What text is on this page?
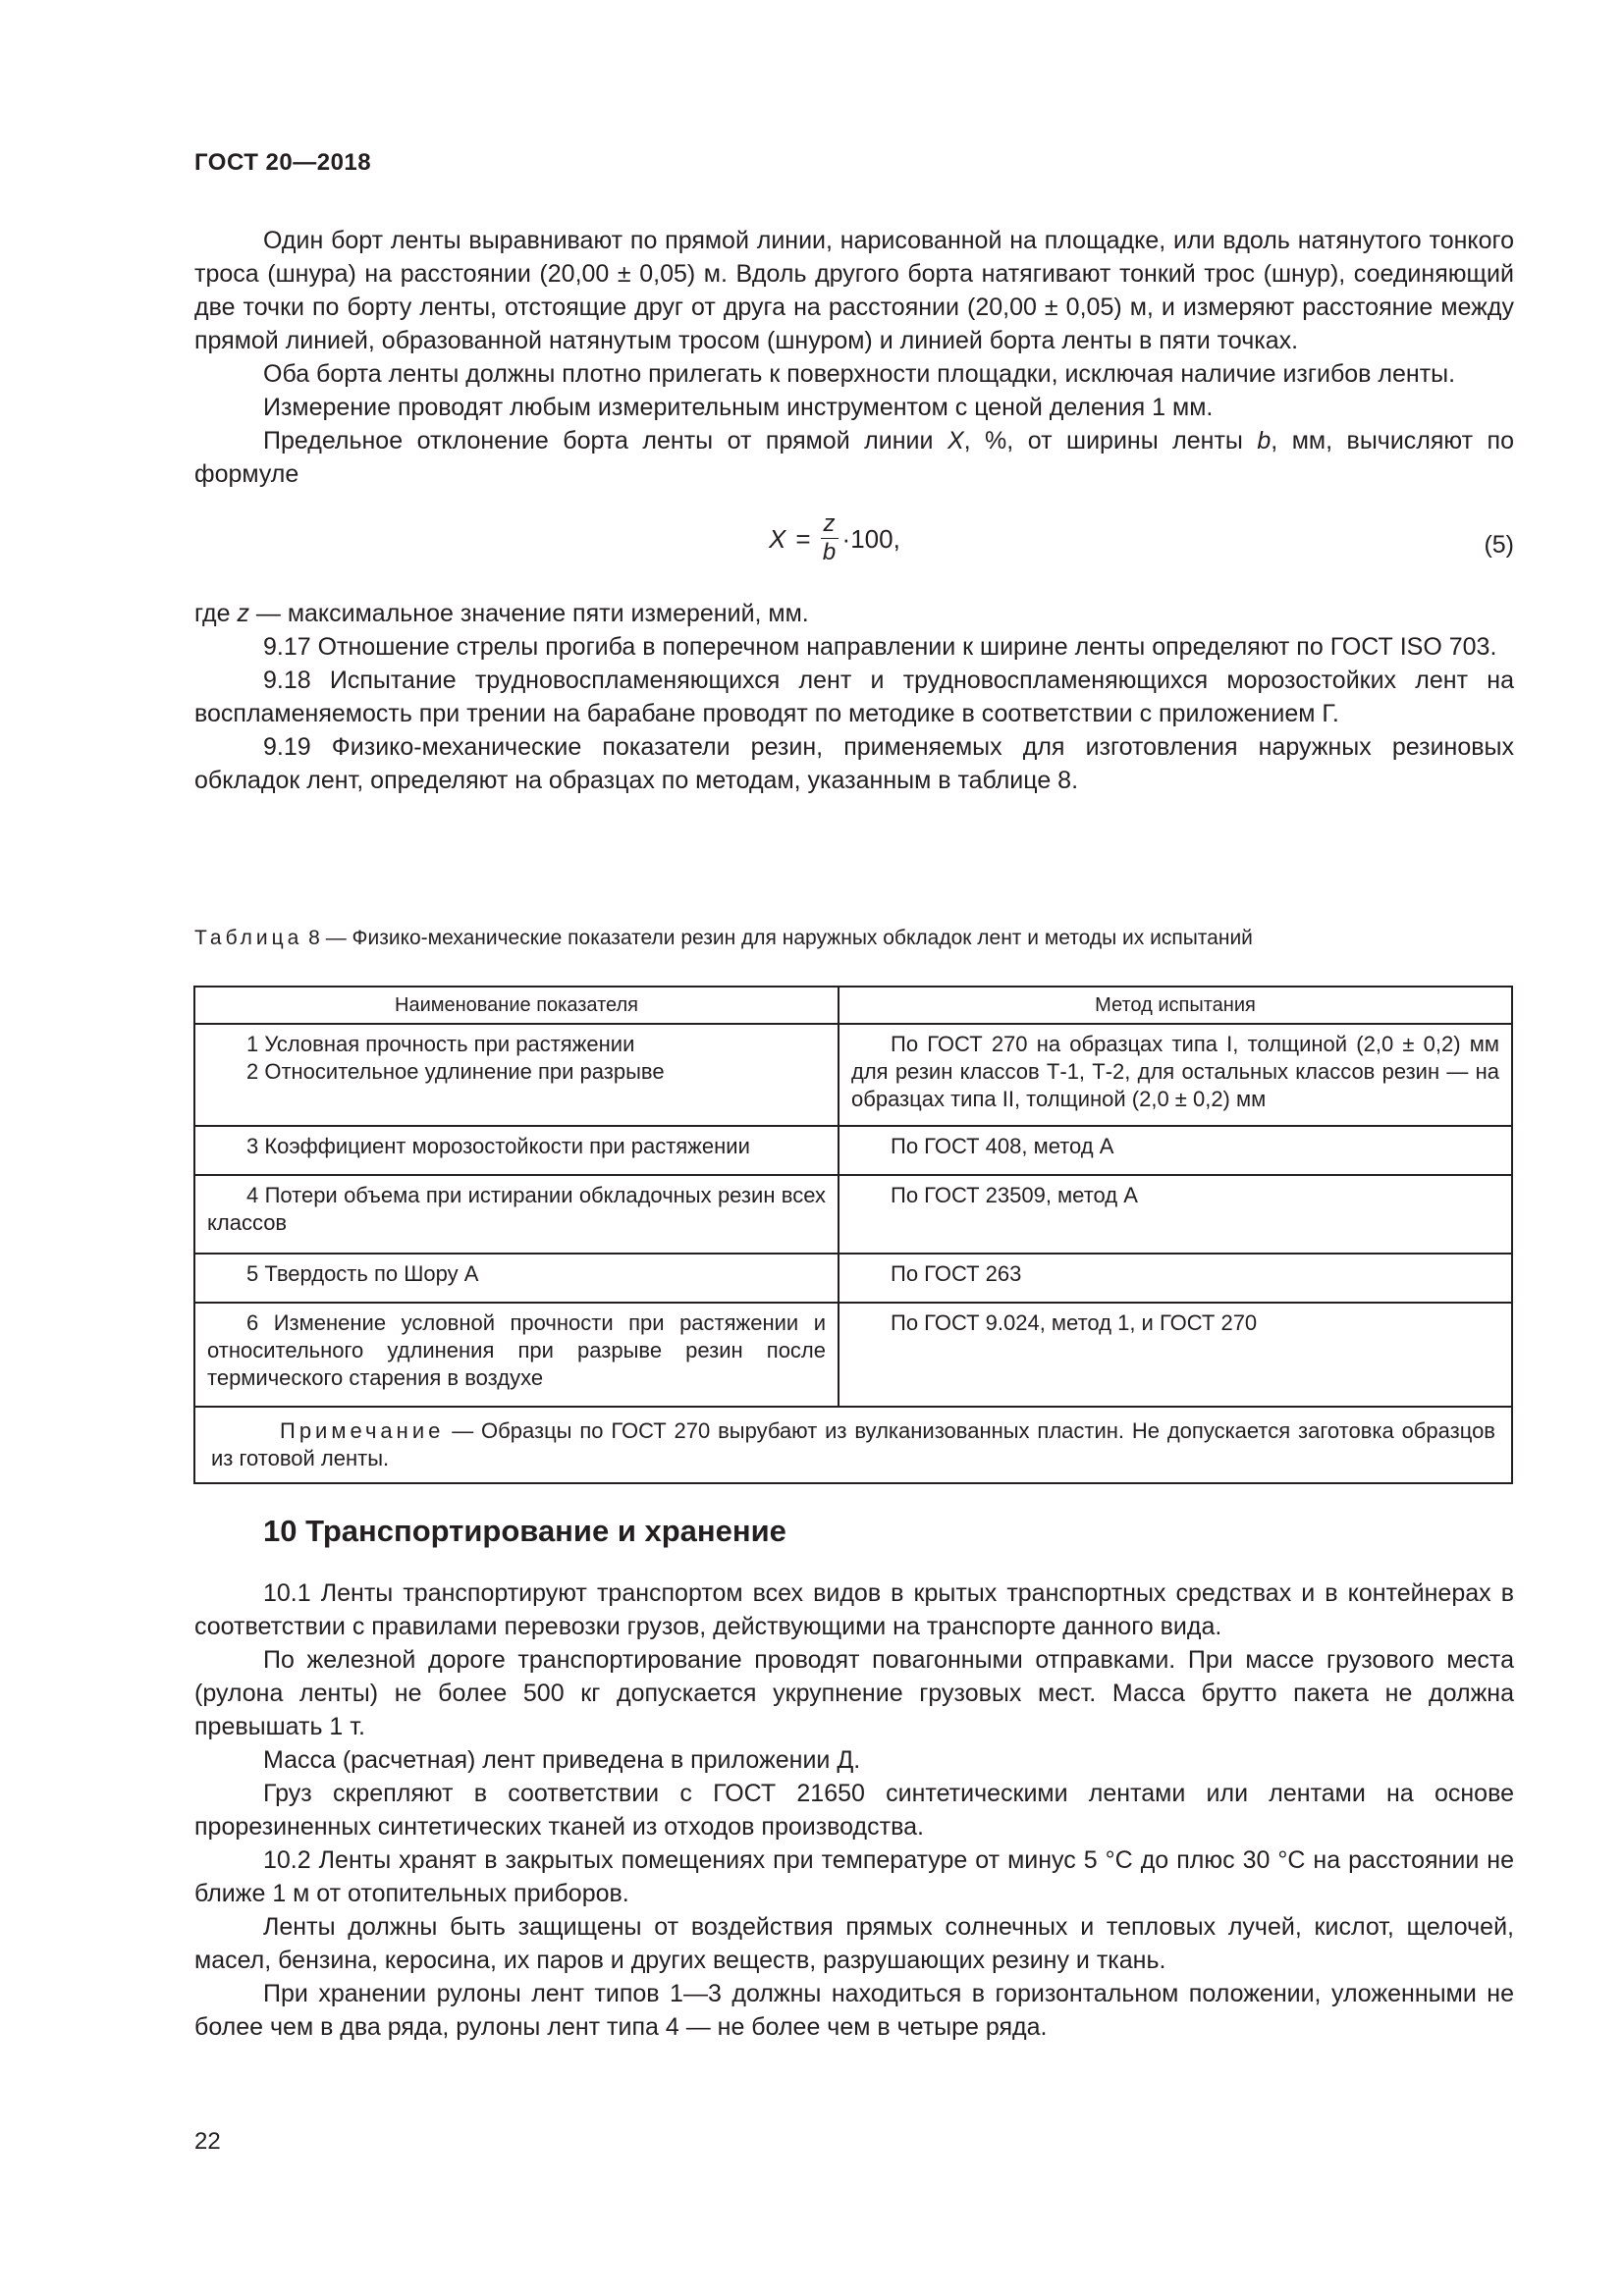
ГОСТ 20—2018

Один борт ленты выравнивают по прямой линии, нарисованной на площадке, или вдоль натянутого тонкого троса (шнура) на расстоянии (20,00 ± 0,05) м. Вдоль другого борта натягивают тонкий трос (шнур), соединяющий две точки по борту ленты, отстоящие друг от друга на расстоянии (20,00 ± 0,05) м, и измеряют расстояние между прямой линией, образованной натянутым тросом (шнуром) и линией борта ленты в пяти точках.

Оба борта ленты должны плотно прилегать к поверхности площадки, исключая наличие изгибов ленты.

Измерение проводят любым измерительным инструментом с ценой деления 1 мм.

Предельное отклонение борта ленты от прямой линии X, %, от ширины ленты b, мм, вычисляют по формуле

$X = \frac{z}{b} \cdot 100$,	(5)

где z — максимальное значение пяти измерений, мм.

9.17 Отношение стрелы прогиба в поперечном направлении к ширине ленты определяют по ГОСТ ISO 703.

9.18 Испытание трудновоспламеняющихся лент и трудновоспламеняющихся морозостойких лент на воспламеняемость при трении на барабане проводят по методике в соответствии с приложением Г.

9.19 Физико-механические показатели резин, применяемых для изготовления наружных резиновых обкладок лент, определяют на образцах по методам, указанным в таблице 8.

Таблица 8 — Физико-механические показатели резин для наружных обкладок лент и методы их испытаний
Наименование показателя	Метод испытания

1 Условная прочность при растяжении
2 Относительное удлинение при разрыве	По ГОСТ 270 на образцах типа I, толщиной (2,0 ± 0,2) мм для резин классов Т-1, Т-2, для остальных классов резин — на образцах типа II, толщиной (2,0 ± 0,2) мм

3 Коэффициент морозостойкости при растяжении	По ГОСТ 408, метод А

4 Потери объема при истирании обкладочных резин всех классов	По ГОСТ 23509, метод А

5 Твердость по Шору А	По ГОСТ 263

6 Изменение условной прочности при растяжении и относительного удлинения при разрыве резин после термического старения в воздухе	По ГОСТ 9.024, метод 1, и ГОСТ 270

Примечание — Образцы по ГОСТ 270 вырубают из вулканизованных пластин. Не допускается заготовка образцов из готовой ленты.	
10 Транспортирование и хранение

10.1 Ленты транспортируют транспортом всех видов в крытых транспортных средствах и в контейнерах в соответствии с правилами перевозки грузов, действующими на транспорте данного вида.

По железной дороге транспортирование проводят повагонными отправками. При массе грузового места (рулона ленты) не более 500 кг допускается укрупнение грузовых мест. Масса брутто пакета не должна превышать 1 т.

Масса (расчетная) лент приведена в приложении Д.

Груз скрепляют в соответствии с ГОСТ 21650 синтетическими лентами или лентами на основе прорезиненных синтетических тканей из отходов производства.

10.2 Ленты хранят в закрытых помещениях при температуре от минус 5 °С до плюс 30 °С на расстоянии не ближе 1 м от отопительных приборов.

Ленты должны быть защищены от воздействия прямых солнечных и тепловых лучей, кислот, щелочей, масел, бензина, керосина, их паров и других веществ, разрушающих резину и ткань.

При хранении рулоны лент типов 1—3 должны находиться в горизонтальном положении, уложенными не более чем в два ряда, рулоны лент типа 4 — не более чем в четыре ряда.

22
